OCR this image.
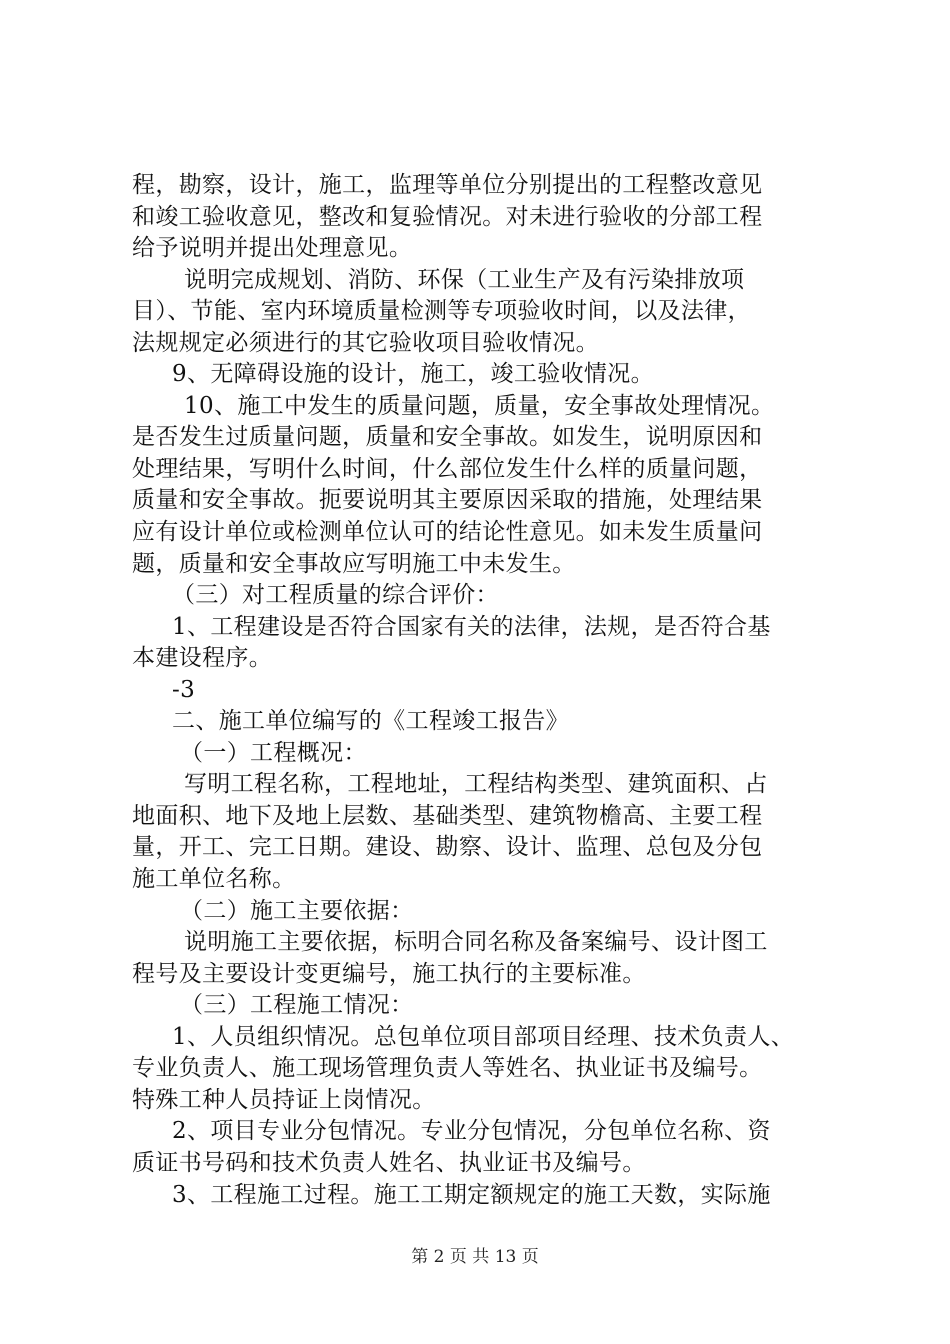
程，勘察，设计，施工，监理等单位分别提出的工程整改意见
和竣工验收意见，整改和复验情况。对未进行验收的分部工程
给予说明并提出处理意见。
说明完成规划、消防、环保（工业生产及有污染排放项
目）、节能、室内环境质量检测等专项验收时间，以及法律，
法规规定必须进行的其它验收项目验收情况。
9、无障碍设施的设计，施工，竣工验收情况。
10、施工中发生的质量问题，质量，安全事故处理情况。
是否发生过质量问题，质量和安全事故。如发生，说明原因和
处理结果，写明什么时间，什么部位发生什么样的质量问题，
质量和安全事故。扼要说明其主要原因采取的措施，处理结果
应有设计单位或检测单位认可的结论性意见。如未发生质量问
题，质量和安全事故应写明施工中未发生。
（三）对工程质量的综合评价：
1、工程建设是否符合国家有关的法律，法规，是否符合基
本建设程序。
-3
二、施工单位编写的《工程竣工报告》
（一）工程概况：
写明工程名称，工程地址，工程结构类型、建筑面积、占
地面积、地下及地上层数、基础类型、建筑物檐高、主要工程
量，开工、完工日期。建设、勘察、设计、监理、总包及分包
施工单位名称。
（二）施工主要依据：
说明施工主要依据，标明合同名称及备案编号、设计图工
程号及主要设计变更编号，施工执行的主要标准。
（三）工程施工情况：
1、人员组织情况。总包单位项目部项目经理、技术负责人、
专业负责人、施工现场管理负责人等姓名、执业证书及编号。
特殊工种人员持证上岗情况。
2、项目专业分包情况。专业分包情况，分包单位名称、资
质证书号码和技术负责人姓名、执业证书及编号。
3、工程施工过程。施工工期定额规定的施工天数，实际施
第 2 页 共 13 页
